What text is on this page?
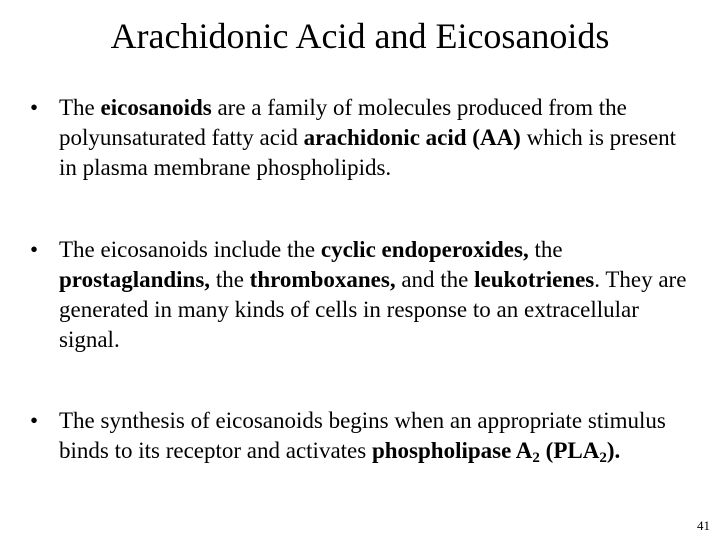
Arachidonic Acid and Eicosanoids
• The eicosanoids are a family of molecules produced from the polyunsaturated fatty acid arachidonic acid (AA) which is present in plasma membrane phospholipids.
• The eicosanoids include the cyclic endoperoxides, the prostaglandins, the thromboxanes, and the leukotrienes. They are generated in many kinds of cells in response to an extracellular signal.
• The synthesis of eicosanoids begins when an appropriate stimulus binds to its receptor and activates phospholipase $A_2$ $(PLA_2)$.
41
